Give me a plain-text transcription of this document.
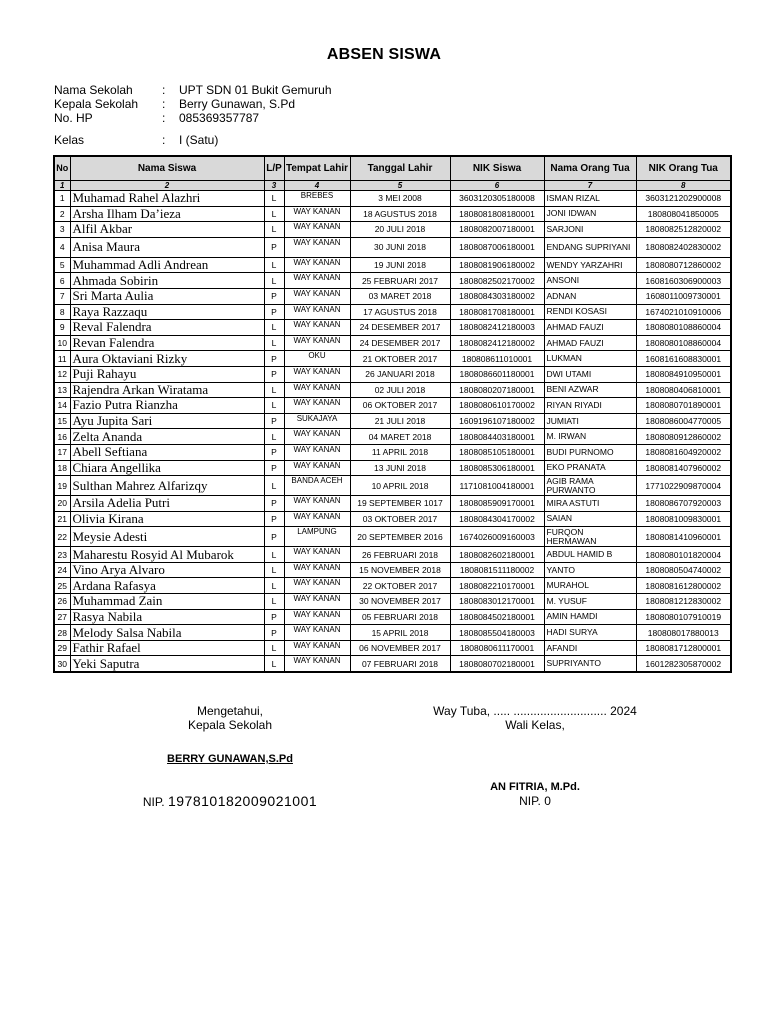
ABSEN SISWA
Nama Sekolah	:	UPT SDN 01 Bukit Gemuruh
Kepala Sekolah	:	Berry Gunawan, S.Pd
No. HP	:	085369357787
Kelas	:	I (Satu)
No	Nama Siswa	L/P	Tempat Lahir	Tanggal Lahir	NIK Siswa	Nama Orang Tua	NIK Orang Tua
1	2	3	4	5	6	7	8
1	Muhamad Rahel Alazhri	L	BREBES	3 MEI 2008	3603120305180008	ISMAN RIZAL	3603121202900008
2	Arsha Ilham Da’ieza	L	WAY KANAN	18 AGUSTUS 2018	1808081808180001	JONI IDWAN	180808041850005
3	Alfil Akbar	L	WAY KANAN	20 JULI 2018	1808082007180001	SARJONI	1808082512820002
4	Anisa Maura	P	WAY KANAN	30 JUNI 2018	1808087006180001	ENDANG SUPRIYANI	1808082402830002
5	Muhammad Adli Andrean	L	WAY KANAN	19 JUNI 2018	1808081906180002	WENDY YARZAHRI	1808080712860002
6	Ahmada Sobirin	L	WAY KANAN	25 FEBRUARI 2017	1808082502170002	ANSONI	1608160306900003
7	Sri Marta Aulia	P	WAY KANAN	03 MARET 2018	1808084303180002	ADNAN	1608011009730001
8	Raya Razzaqu	P	WAY KANAN	17 AGUSTUS 2018	1808081708180001	RENDI KOSASI	1674021010910006
9	Reval Falendra	L	WAY KANAN	24 DESEMBER 2017	1808082412180003	AHMAD FAUZI	1808080108860004
10	Revan Falendra	L	WAY KANAN	24 DESEMBER 2017	1808082412180002	AHMAD FAUZI	1808080108860004
11	Aura Oktaviani Rizky	P	OKU	21 OKTOBER 2017	180808611010001	LUKMAN	1608161608830001
12	Puji Rahayu	P	WAY KANAN	26 JANUARI 2018	1808086601180001	DWI UTAMI	1808084910950001
13	Rajendra Arkan Wiratama	L	WAY KANAN	02 JULI 2018	1808080207180001	BENI AZWAR	1808080406810001
14	Fazio Putra Rianzha	L	WAY KANAN	06 OKTOBER 2017	1808080610170002	RIYAN RIYADI	1808080701890001
15	Ayu Jupita Sari	P	SUKAJAYA	21 JULI 2018	1609196107180002	JUMIATI	1808086004770005
16	Zelta Ananda	L	WAY KANAN	04 MARET 2018	1808084403180001	M. IRWAN	1808080912860002
17	Abell Seftiana	P	WAY KANAN	11 APRIL 2018	1808085105180001	BUDI PURNOMO	1808081604920002
18	Chiara Angellika	P	WAY KANAN	13 JUNI 2018	1808085306180001	EKO PRANATA	1808081407960002
19	Sulthan Mahrez Alfarizqy	L	BANDA ACEH	10 APRIL 2018	1171081004180001	AGIB RAMA PURWANTO	1771022909870004
20	Arsila Adelia Putri	P	WAY KANAN	19 SEPTEMBER 1017	1808085909170001	MIRA ASTUTI	1808086707920003
21	Olivia Kirana	P	WAY KANAN	03 OKTOBER 2017	1808084304170002	SAIAN	1808081009830001
22	Meysie Adesti	P	LAMPUNG	20 SEPTEMBER 2016	1674026009160003	FURQON HERMAWAN	1808081410960001
23	Maharestu Rosyid Al Mubarok	L	WAY KANAN	26 FEBRUARI 2018	1808082602180001	ABDUL HAMID B	1808080101820004
24	Vino Arya Alvaro	L	WAY KANAN	15 NOVEMBER 2018	1808081511180002	YANTO	1808080504740002
25	Ardana Rafasya	L	WAY KANAN	22 OKTOBER 2017	1808082210170001	MURAHOL	1808081612800002
26	Muhammad Zain	L	WAY KANAN	30 NOVEMBER 2017	1808083012170001	M. YUSUF	1808081212830002
27	Rasya Nabila	P	WAY KANAN	05 FEBRUARI 2018	1808084502180001	AMIN HAMDI	1808080107910019
28	Melody Salsa Nabila	P	WAY KANAN	15 APRIL 2018	1808085504180003	HADI SURYA	180808017880013
29	Fathir Rafael	L	WAY KANAN	06 NOVEMBER 2017	1808080611170001	AFANDI	1808081712800001
30	Yeki Saputra	L	WAY KANAN	07 FEBRUARI 2018	1808080702180001	SUPRIYANTO	1601282305870002
Mengetahui,
Kepala Sekolah
BERRY GUNAWAN,S.Pd
NIP. 197810182009021001
Way Tuba, ..... ............................ 2024
Wali Kelas,
AN FITRIA, M.Pd.
NIP. 0
